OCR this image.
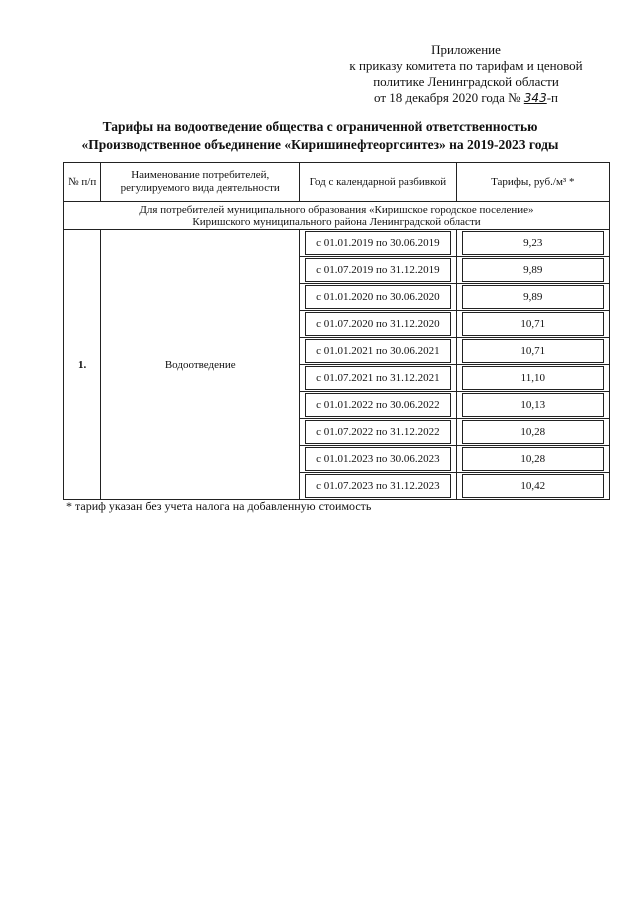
Приложение
к приказу комитета по тарифам и ценовой
политике Ленинградской области
от 18 декабря 2020 года № 343-п
Тарифы на водоотведение общества с ограниченной ответственностью
«Производственное объединение «Киришинефтеоргсинтез» на 2019-2023 годы
№ п/п	Наименование потребителей, регулируемого вида деятельности	Год с календарной разбивкой	Тарифы, руб./м³ *

Для потребителей муниципального образования «Киришское городское поселение»
Киришского муниципального района Ленинградской области			

1.	Водоотведение	с 01.01.2019 по 30.06.2019	9,23

		с 01.07.2019 по 31.12.2019	9,89

		с 01.01.2020 по 30.06.2020	9,89

		с 01.07.2020 по 31.12.2020	10,71

		с 01.01.2021 по 30.06.2021	10,71

		с 01.07.2021 по 31.12.2021	11,10

		с 01.01.2022 по 30.06.2022	10,13

		с 01.07.2022 по 31.12.2022	10,28

		с 01.01.2023 по 30.06.2023	10,28

		с 01.07.2023 по 31.12.2023	10,42
* тариф указан без учета налога на добавленную стоимость
